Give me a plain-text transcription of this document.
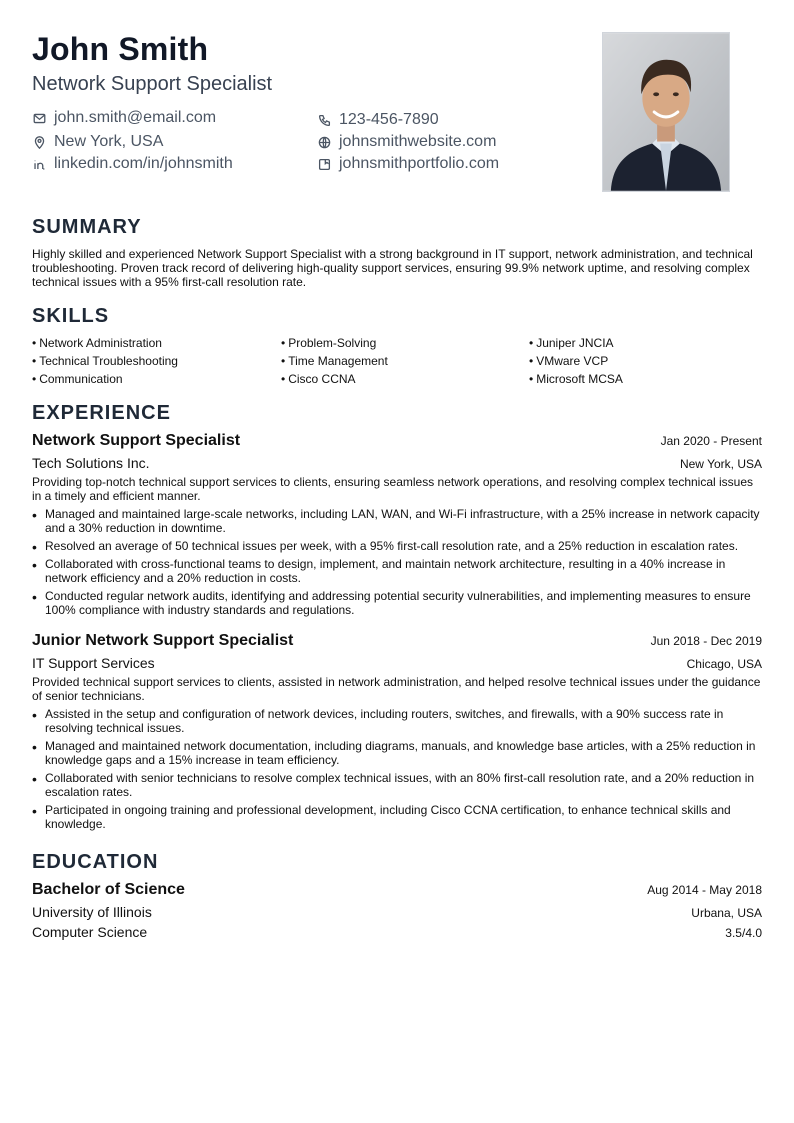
John Smith
Network Support Specialist
john.smith@email.com	123-456-7890
New York, USA	johnsmithwebsite.com
linkedin.com/in/johnsmith	johnsmithportfolio.com
SUMMARY
Highly skilled and experienced Network Support Specialist with a strong background in IT support, network administration, and technical troubleshooting. Proven track record of delivering high-quality support services, ensuring 99.9% network uptime, and resolving complex technical issues with a 95% first-call resolution rate.
SKILLS
• Network Administration	• Problem-Solving	• Juniper JNCIA
• Technical Troubleshooting	• Time Management	• VMware VCP
• Communication	• Cisco CCNA	• Microsoft MCSA
EXPERIENCE
Network Support Specialist	Jan 2020 - Present
Tech Solutions Inc.	New York, USA
Providing top-notch technical support services to clients, ensuring seamless network operations, and resolving complex technical issues in a timely and efficient manner.
• Managed and maintained large-scale networks, including LAN, WAN, and Wi-Fi infrastructure, with a 25% increase in network capacity and a 30% reduction in downtime.
• Resolved an average of 50 technical issues per week, with a 95% first-call resolution rate, and a 25% reduction in escalation rates.
• Collaborated with cross-functional teams to design, implement, and maintain network architecture, resulting in a 40% increase in network efficiency and a 20% reduction in costs.
• Conducted regular network audits, identifying and addressing potential security vulnerabilities, and implementing measures to ensure 100% compliance with industry standards and regulations.
Junior Network Support Specialist	Jun 2018 - Dec 2019
IT Support Services	Chicago, USA
Provided technical support services to clients, assisted in network administration, and helped resolve technical issues under the guidance of senior technicians.
• Assisted in the setup and configuration of network devices, including routers, switches, and firewalls, with a 90% success rate in resolving technical issues.
• Managed and maintained network documentation, including diagrams, manuals, and knowledge base articles, with a 25% reduction in knowledge gaps and a 15% increase in team efficiency.
• Collaborated with senior technicians to resolve complex technical issues, with an 80% first-call resolution rate, and a 20% reduction in escalation rates.
• Participated in ongoing training and professional development, including Cisco CCNA certification, to enhance technical skills and knowledge.
EDUCATION
Bachelor of Science	Aug 2014 - May 2018
University of Illinois	Urbana, USA
Computer Science	3.5/4.0
